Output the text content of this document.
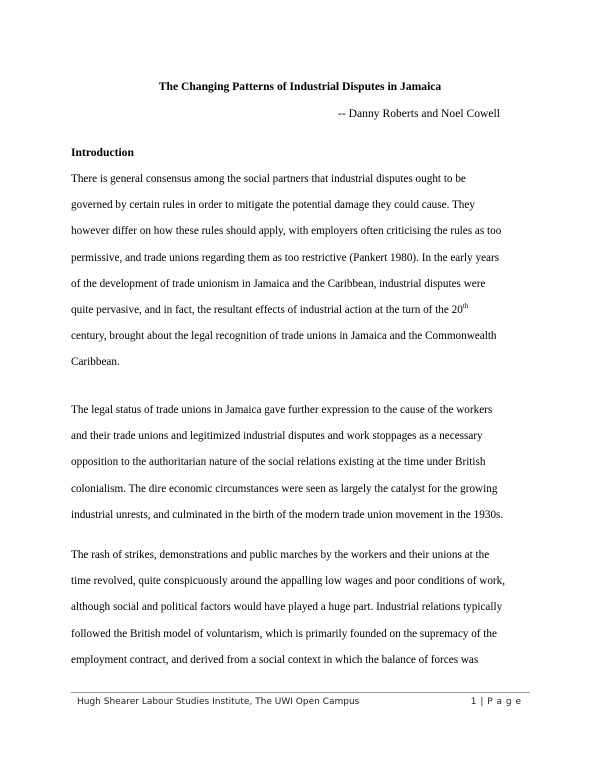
The Changing Patterns of Industrial Disputes in Jamaica

-- Danny Roberts and Noel Cowell

Introduction

There is general consensus among the social partners that industrial disputes ought to be
governed by certain rules in order to mitigate the potential damage they could cause. They
however differ on how these rules should apply, with employers often criticising the rules as too
permissive, and trade unions regarding them as too restrictive (Pankert 1980). In the early years
of the development of trade unionism in Jamaica and the Caribbean, industrial disputes were
quite pervasive, and in fact, the resultant effects of industrial action at the turn of the 20th
century, brought about the legal recognition of trade unions in Jamaica and the Commonwealth
Caribbean.
The legal status of trade unions in Jamaica gave further expression to the cause of the workers
and their trade unions and legitimized industrial disputes and work stoppages as a necessary
opposition to the authoritarian nature of the social relations existing at the time under British
colonialism. The dire economic circumstances were seen as largely the catalyst for the growing
industrial unrests, and culminated in the birth of the modern trade union movement in the 1930s.
The rash of strikes, demonstrations and public marches by the workers and their unions at the
time revolved, quite conspicuously around the appalling low wages and poor conditions of work,
although social and political factors would have played a huge part. Industrial relations typically
followed the British model of voluntarism, which is primarily founded on the supremacy of the
employment contract, and derived from a social context in which the balance of forces was
Hugh Shearer Labour Studies Institute, The UWI Open Campus	1 | P a g e
